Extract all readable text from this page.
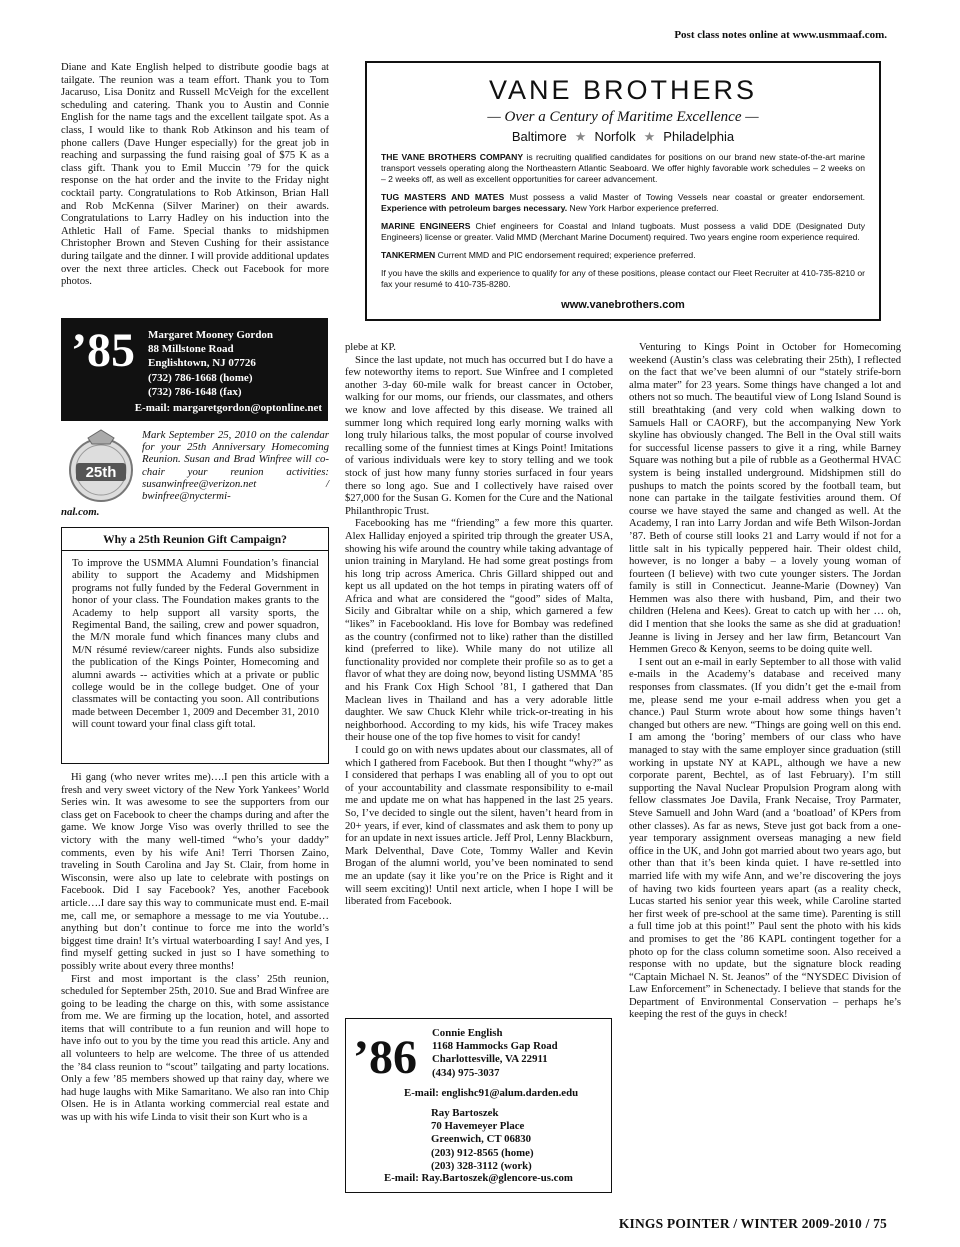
Post class notes online at www.usmmaaf.com.

Diane and Kate English helped to distribute goodie bags at tailgate. The reunion was a team effort. Thank you to Tom Jacaruso, Lisa Donitz and Russell McVeigh for the excellent scheduling and catering. Thank you to Austin and Connie English for the name tags and the excellent tailgate spot. As a class, I would like to thank Rob Atkinson and his team of phone callers (Dave Hunger especially) for the great job in reaching and surpassing the fund raising goal of $75 K as a class gift. Thank you to Emil Muccin ’79 for the quick response on the hat order and the invite to the Friday night cocktail party. Congratulations to Rob Atkinson, Brian Hall and Rob McKenna (Silver Mariner) on their awards. Congratulations to Larry Hadley on his induction into the Athletic Hall of Fame. Special thanks to midshipmen Christopher Brown and Steven Cushing for their assistance during tailgate and the dinner. I will provide additional updates over the next three articles. Check out Facebook for more photos.

VANE BROTHERS
— Over a Century of Maritime Excellence —
Baltimore ★ Norfolk ★ Philadelphia
THE VANE BROTHERS COMPANY is recruiting qualified candidates for positions on our brand new state-of-the-art marine transport vessels operating along the Northeastern Atlantic Seaboard. We offer highly favorable work schedules – 2 weeks on – 2 weeks off, as well as excellent opportunities for career advancement.
TUG MASTERS AND MATES Must possess a valid Master of Towing Vessels near coastal or greater endorsement. Experience with petroleum barges necessary. New York Harbor experience preferred.
MARINE ENGINEERS Chief engineers for Coastal and Inland tugboats. Must possess a valid DDE (Designated Duty Engineers) license or greater. Valid MMD (Merchant Marine Document) required. Two years engine room experience required.
TANKERMEN Current MMD and PIC endorsement required; experience preferred.
If you have the skills and experience to qualify for any of these positions, please contact our Fleet Recruiter at 410-735-8210 or fax your resumé to 410-735-8280.
www.vanebrothers.com
’85 Margaret Mooney Gordon
88 Millstone Road
Englishtown, NJ 07726
(732) 786-1668 (home)
(732) 786-1648 (fax)
E-mail: margaretgordon@optonline.net
25th
Mark September 25, 2010 on the calendar for your 25th Anniversary Homecoming Reunion. Susan and Brad Winfree will co-chair your reunion activities: susanwinfree@verizon.net / bwinfree@nyctermi-
nal.com.
Why a 25th Reunion Gift Campaign?
To improve the USMMA Alumni Foundation’s financial ability to support the Academy and Midshipmen programs not fully funded by the Federal Government in honor of your class. The Foundation makes grants to the Academy to help support all varsity sports, the Regimental Band, the sailing, crew and power squadron, the M/N morale fund which finances many clubs and M/N résumé review/career nights. Funds also subsidize the publication of the Kings Pointer, Homecoming and alumni awards -- activities which at a private or public college would be in the college budget. One of your classmates will be contacting you soon. All contributions made between December 1, 2009 and December 31, 2010 will count toward your final class gift total.

Hi gang (who never writes me)….I pen this article with a fresh and very sweet victory of the New York Yankees’ World Series win. It was awesome to see the supporters from our class get on Facebook to cheer the champs during and after the game. We know Jorge Viso was overly thrilled to see the victory with the many well-timed “who’s your daddy” comments, even by his wife Ani! Terri Thorsen Zaino, traveling in South Carolina and Jay St. Clair, from home in Wisconsin, were also up late to celebrate with postings on Facebook. Did I say Facebook? Yes, another Facebook article….I dare say this way to communicate must end. E-mail me, call me, or semaphore a message to me via Youtube…anything but don’t continue to force me into the world’s biggest time drain! It’s virtual waterboarding I say! And yes, I find myself getting sucked in just so I have something to possibly write about every three months!

First and most important is the class’ 25th reunion, scheduled for September 25th, 2010. Sue and Brad Winfree are going to be leading the charge on this, with some assistance from me. We are firming up the location, hotel, and assorted items that will contribute to a fun reunion and will hope to have info out to you by the time you read this article. Any and all volunteers to help are welcome. The three of us attended the ’84 class reunion to “scout” tailgating and party locations. Only a few ’85 members showed up that rainy day, where we had huge laughs with Mike Samaritano. We also ran into Chip Olsen. He is in Atlanta working commercial real estate and was up with his wife Linda to visit their son Kurt who is a

plebe at KP.

Since the last update, not much has occurred but I do have a few noteworthy items to report. Sue Winfree and I completed another 3-day 60-mile walk for breast cancer in October, walking for our moms, our friends, our classmates, and others we know and love affected by this disease. We trained all summer long which required long early morning walks with long truly hilarious talks, the most popular of course involved recalling some of the funniest times at Kings Point! Imitations of various individuals were key to story telling and we took stock of just how many funny stories surfaced in four years there so long ago. Sue and I collectively have raised over $27,000 for the Susan G. Komen for the Cure and the National Philanthropic Trust.

Facebooking has me “friending” a few more this quarter. Alex Halliday enjoyed a spirited trip through the greater USA, showing his wife around the country while taking advantage of union training in Maryland. He had some great postings from his long trip across America. Chris Gillard shipped out and kept us all updated on the hot temps in pirating waters off of Africa and what are considered the “good” sides of Malta, Sicily and Gibraltar while on a ship, which garnered a few “likes” in Facebookland. His love for Bombay was redefined as the country (confirmed not to like) rather than the distilled kind (preferred to like). While many do not utilize all functionality provided nor complete their profile so as to get a flavor of what they are doing now, beyond listing USMMA ’85 and his Frank Cox High School ’81, I gathered that Dan Maclean lives in Thailand and has a very adorable little daughter. We saw Chuck Klehr while trick-or-treating in his neighborhood. According to my kids, his wife Tracey makes their house one of the top five homes to visit for candy!

I could go on with news updates about our classmates, all of which I gathered from Facebook. But then I thought “why?” as I considered that perhaps I was enabling all of you to opt out of your accountability and classmate responsibility to e-mail me and update me on what has happened in the last 25 years. So, I’ve decided to single out the silent, haven’t heard from in 20+ years, if ever, kind of classmates and ask them to pony up for an update in next issues article. Jeff Prol, Lenny Blackburn, Mark Delventhal, Dave Cote, Tommy Waller and Kevin Brogan of the alumni world, you’ve been nominated to send me an update (say it like you’re on the Price is Right and it will seem exciting)! Until next article, when I hope I will be liberated from Facebook.

’86 Connie English
1168 Hammocks Gap Road
Charlottesville, VA 22911
(434) 975-3037
E-mail: englishc91@alum.darden.edu

Venturing to Kings Point in October for Homecoming weekend (Austin’s class was celebrating their 25th), I reflected on the fact that we’ve been alumni of our “stately strife-born alma mater” for 23 years. Some things have changed a lot and others not so much. The beautiful view of Long Island Sound is still breathtaking (and very cold when walking down to Samuels Hall or CAORF), but the accompanying New York skyline has obviously changed. The Bell in the Oval still waits for successful license passers to give it a ring, while Barney Square was nothing but a pile of rubble as a Geothermal HVAC system is being installed underground. Midshipmen still do pushups to match the points scored by the football team, but none can partake in the tailgate festivities around them. Of course we have stayed the same and changed as well. At the Academy, I ran into Larry Jordan and wife Beth Wilson-Jordan ’87. Beth of course still looks 21 and Larry would if not for a little salt in his typically peppered hair. Their oldest child, however, is no longer a baby – a lovely young woman of fourteen (I believe) with two cute younger sisters. The Jordan family is still in Connecticut. Jeanne-Marie (Downey) Van Hemmen was also there with husband, Pim, and their two children (Helena and Kees). Great to catch up with her … oh, did I mention that she looks the same as she did at graduation! Jeanne is living in Jersey and her law firm, Betancourt Van Hemmen Greco & Kenyon, seems to be doing quite well.

I sent out an e-mail in early September to all those with valid e-mails in the Academy’s database and received many responses from classmates. (If you didn’t get the e-mail from me, please send me your e-mail address when you get a chance.) Paul Sturm wrote about how some things haven’t changed but others are new. “Things are going well on this end. I am among the ‘boring’ members of our class who have managed to stay with the same employer since graduation (still working in upstate NY at KAPL, although we have a new corporate parent, Bechtel, as of last February). I’m still supporting the Naval Nuclear Propulsion Program along with fellow classmates Joe Davila, Frank Necaise, Troy Parmater, Steve Samuell and John Ward (and a ‘boatload’ of KPers from other classes). As far as news, Steve just got back from a one-year temporary assignment overseas managing a new field office in the UK, and John got married about two years ago, but other than that it’s been kinda quiet. I have re-settled into married life with my wife Ann, and we’re discovering the joys of having two kids fourteen years apart (as a reality check, Lucas started his senior year this week, while Caroline started her first week of pre-school at the same time). Parenting is still a full time job at this point!” Paul sent the photo with his kids and promises to get the ’86 KAPL contingent together for a photo op for the class column sometime soon. Also received a response with no update, but the signature block reading “Captain Michael N. St. Jeanos” of the “NYSDEC Division of Law Enforcement” in Schenectady. I believe that stands for the Department of Environmental Conservation – perhaps he’s keeping the rest of the guys in check!

KINGS POINTER / WINTER 2009-2010 / 75
Ray Bartoszek
70 Havemeyer Place
Greenwich, CT 06830
(203) 912-8565 (home)
(203) 328-3112 (work)
E-mail: Ray.Bartoszek@glencore-us.com
